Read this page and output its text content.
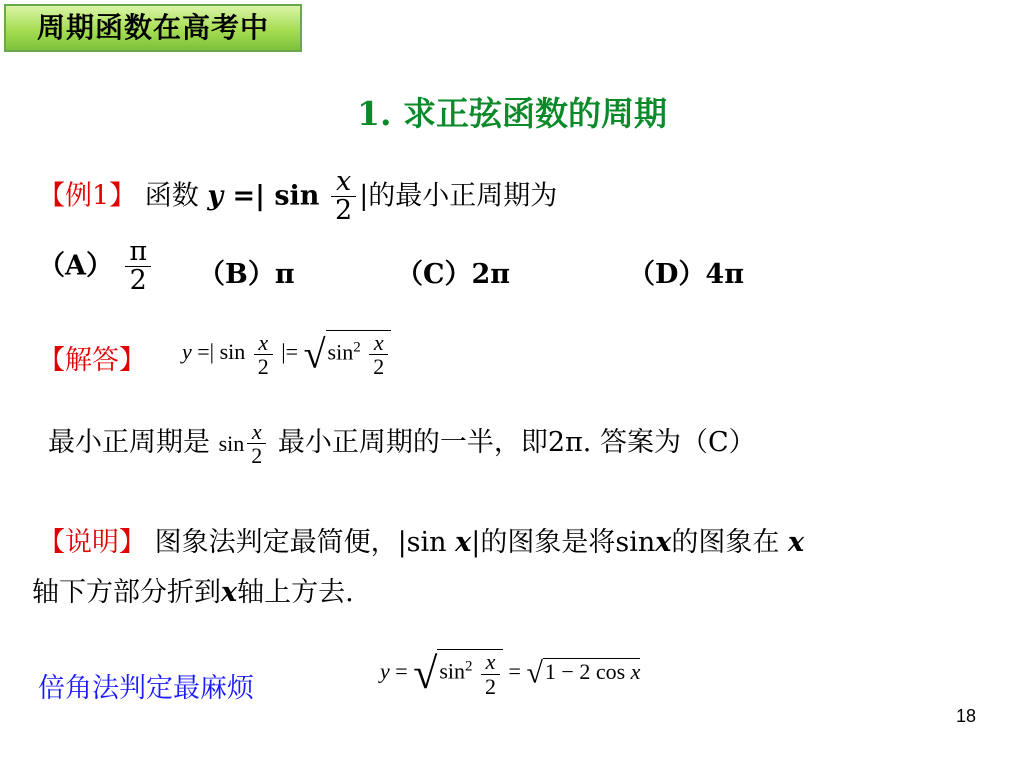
周期函数在高考中
1. 求正弦函数的周期
【例1】 函数 y =| $\sin \frac{x}{2}$ |的最小正周期为
$(A) \frac{\pi}{2} (B)\pi$	（C）2π	（D）4π
【解答】 y =| $\sin \frac{x}{2}$ |= $√\sin^2 \frac{x}{2}$
最小正周期是 $\sin \frac{x}{2}$ 最小正周期的一半，即2π. 答案为（C）
【说明】 图象法判定最简便，|sin x|的图象是将sinx的图象在 x
轴下方部分折到x轴上方去.
倍角法判定最麻烦
$y = √\sin^2 \frac{x}{2} = √1 - 2$ cos x
18
